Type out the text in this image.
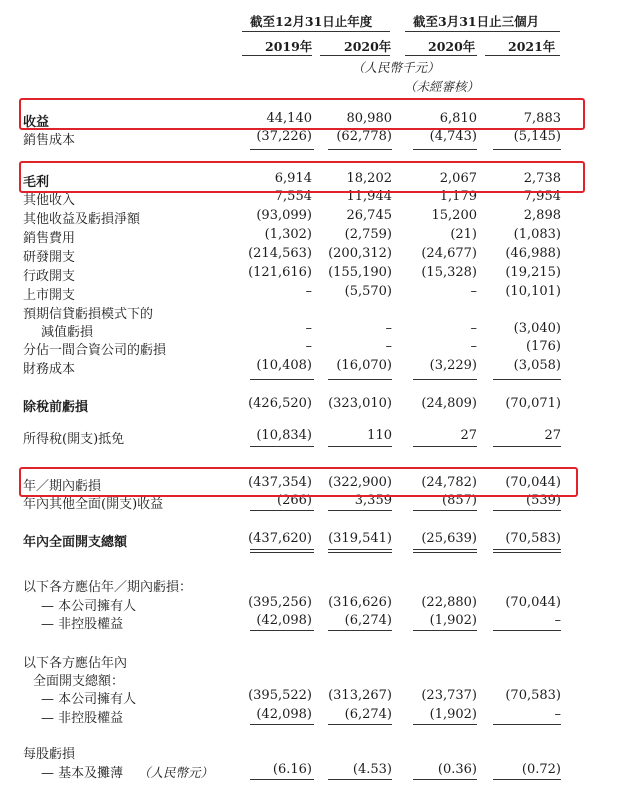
截至12月31日止年度	截至3月31日止三個月
2019年	2020年	2020年	2021年
（人民幣千元）
（未經審核）
收益	44,140	80,980	6,810	7,883
銷售成本	(37,226)	(62,778)	(4,743)	(5,145)
毛利	6,914	18,202	2,067	2,738
其他收入	7,554	11,944	1,179	7,954
其他收益及虧損淨額	(93,099)	26,745	15,200	2,898
銷售費用	(1,302)	(2,759)	(21)	(1,083)
研發開支	(214,563)	(200,312)	(24,677)	(46,988)
行政開支	(121,616)	(155,190)	(15,328)	(19,215)
上市開支	–	(5,570)	–	(10,101)
預期信貸虧損模式下的
減值虧損	–	–	–	(3,040)
分佔一間合資公司的虧損	–	–	–	(176)
財務成本	(10,408)	(16,070)	(3,229)	(3,058)
除稅前虧損	(426,520)	(323,010)	(24,809)	(70,071)
所得稅(開支)抵免	(10,834)	110	27	27
年／期內虧損	(437,354)	(322,900)	(24,782)	(70,044)
年內其他全面(開支)收益	(266)	3,359	(857)	(539)
年內全面開支總額	(437,620)	(319,541)	(25,639)	(70,583)
以下各方應佔年／期內虧損：
— 本公司擁有人	(395,256)	(316,626)	(22,880)	(70,044)
— 非控股權益	(42,098)	(6,274)	(1,902)	–
以下各方應佔年內
全面開支總額：
— 本公司擁有人	(395,522)	(313,267)	(23,737)	(70,583)
— 非控股權益	(42,098)	(6,274)	(1,902)	–
每股虧損
— 基本及攤薄	(6.16)	(4.53)	(0.36)	(0.72)
（人民幣元）
